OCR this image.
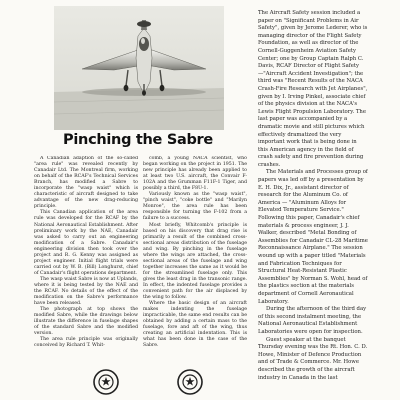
Pinching the Sabre

A Canadian adaption of the so-called "area rule" was revealed recently by Canadair Ltd. The Montreal firm, working on behalf of the RCAF's Technical Services Branch, has modified a Sabre to incorporate the "wasp waist" which is characteristic of aircraft designed to take advantage of the new drag-reducing principle.

This Canadian application of the area rule was developed for the RCAF by the National Aeronautical Establishment. After preliminary work by the NAE, Canadair was asked to carry out an engineering modification of a Sabre. Canadair's engineering division then took over the project and R. G. Kenny was assigned as project engineer. Initial flight trials were carried out by W. B. (Bill) Longhurst, chief of Canadair's flight operations department.

The wasp waist Sabre is now at Uplands, where it is being tested by the NAE and the RCAF. No details of the effect of the modification on the Sabre's performance have been released.

The photograph at top shows the modified Sabre, while the drawings below illustrate the difference in fuselage shapes of the standard Sabre and the modified version.

The area rule principle was originally conceived by Richard T. Whit-

comb, a young NACA scientist, who began working on the project in 1951. The new principle has already been applied to at least two U.S. aircraft, the Convair F-102A and the Grumman F11F-1 Tiger, and possibly a third, the F8U-1.

Variously known as the "wasp waist", "pinch waist", "coke bottle" and "Marilyn Monroe", the area rule has been responsible for turning the F-102 from a failure to a success.

Most briefly, Whitcomb's principle is based on his discovery that drag rise is primarily a result of the combined cross-sectional areas distribution of the fuselage and wing. By pinching in the fuselage where the wings are attached, the cross-sectional areas of the fuselage and wing together increases the same as it would be for the streamlined fuselage only. This gives the least drag in the transonic range. In effect, the indented fuselage provides a convenient path for the air displaced by the wing to follow.

Where the basic design of an aircraft makes indenting the fuselage impracticable, the same end results can be obtained by adding a certain mass to the fuselage, fore and aft of the wing, thus creating an artificial indentation. This is what has been done in the case of the Sabre.

The Aircraft Safety session included a paper on "Significant Problems in Air Safety", given by Jerome Lederer, who is managing director of the Flight Safety Foundation, as well as director of the Cornell-Guggenheim Aviation Safety Center; one by Group Captain Ralph C. Davis, RCAF Director of Flight Safety—"Aircraft Accident Investigation"; the third was "Recent Results of the NACA Crash-Fire Research with Jet Airplanes", given by I. Irving Pinkel, associate chief of the physics division at the NACA's Lewis Flight Propulsion Laboratory. The last paper was accompanied by a dramatic movie and still pictures which effectively dramatized the very important work that is being done in this American agency in the field of crash safety and fire prevention during crashes.

The Materials and Processes group of papers was led off by a presentation by E. H. Dix, Jr., assistant director of research for the Aluminum Co. of America — "Aluminum Alloys for Elevated Temperature Service." Following this paper, Canadair's chief materials & process engineer, J. J. Walker, described "Metal Bonding of Assemblies for Canadair CL-28 Maritime Reconnaissance Airplane." The session wound up with a paper titled "Materials and Fabrication Techniques for Structural Heat-Resistant Plastic Assemblies" by Norman S. Wohl, head of the plastics section at the materials department of Cornell Aeronautical Laboratory.

During the afternoon of the third day of this second instalment meeting, the National Aeronautical Establishment Laboratories were open for inspection.

Guest speaker at the banquet Thursday evening was the Rt. Hon. C. D. Howe, Minister of Defence Production and of Trade & Commerce. Mr. Howe described the growth of the aircraft industry in Canada in the last
